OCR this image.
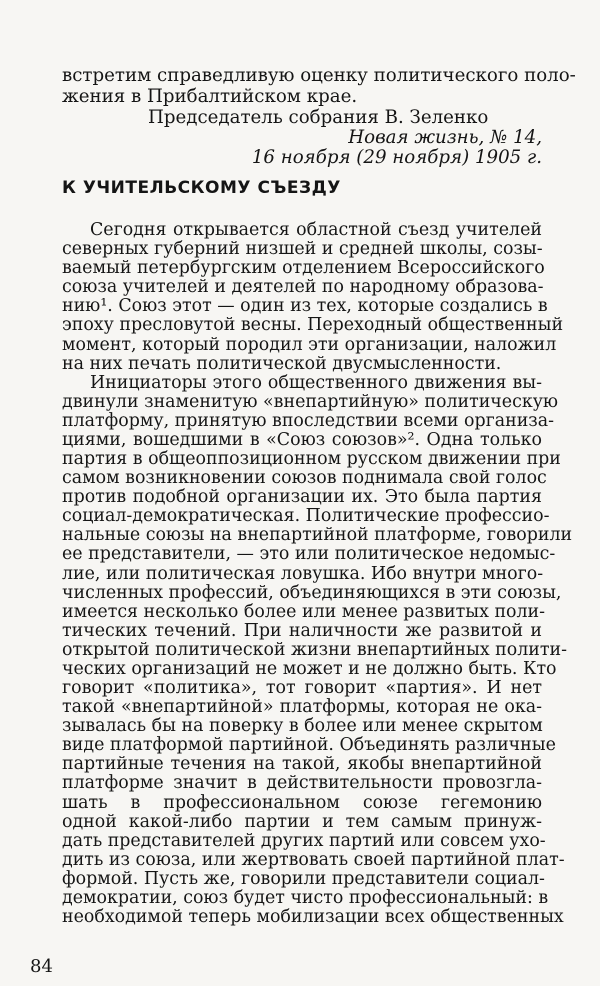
встретим справедливую оценку политического поло-
жения в Прибалтийском крае.
Председатель собрания В. Зеленко
Новая жизнь, № 14,
16 ноября (29 ноября) 1905 г.
К УЧИТЕЛЬСКОМУ СЪЕЗДУ
Сегодня открывается областной съезд учителей
северных губерний низшей и средней школы, созы-
ваемый петербургским отделением Всероссийского
союза учителей и деятелей по народному образова-
нию¹. Союз этот — один из тех, которые создались в
эпоху пресловутой весны. Переходный общественный
момент, который породил эти организации, наложил
на них печать политической двусмысленности.
Инициаторы этого общественного движения вы-
двинули знаменитую «внепартийную» политическую
платформу, принятую впоследствии всеми организа-
циями, вошедшими в «Союз союзов»². Одна только
партия в общеоппозиционном русском движении при
самом возникновении союзов поднимала свой голос
против подобной организации их. Это была партия
социал-демократическая. Политические профессио-
нальные союзы на внепартийной платформе, говорили
ее представители, — это или политическое недомыс-
лие, или политическая ловушка. Ибо внутри много-
численных профессий, объединяющихся в эти союзы,
имеется несколько более или менее развитых поли-
тических течений. При наличности же развитой и
открытой политической жизни внепартийных полити-
ческих организаций не может и не должно быть. Кто
говорит «политика», тот говорит «партия». И нет
такой «внепартийной» платформы, которая не ока-
зывалась бы на поверку в более или менее скрытом
виде платформой партийной. Объединять различные
партийные течения на такой, якобы внепартийной
платформе значит в действительности провозгла-
шать в профессиональном союзе гегемонию
одной какой-либо партии и тем самым принуж-
дать представителей других партий или совсем ухо-
дить из союза, или жертвовать своей партийной плат-
формой. Пусть же, говорили представители социал-
демократии, союз будет чисто профессиональный: в
необходимой теперь мобилизации всех общественных
84
